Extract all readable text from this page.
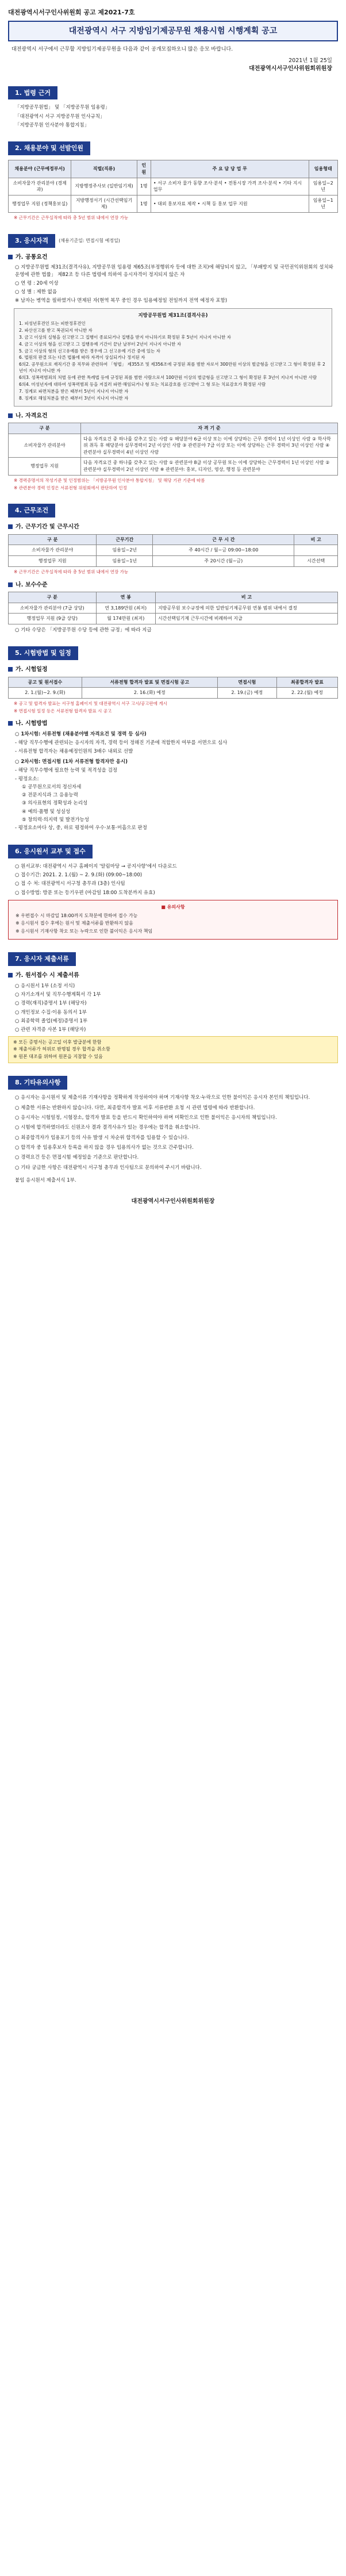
대전광역시서구인사위원회 공고 제2021-7호
대전광역시 서구 지방임기제공무원 채용시험 시행계획 공고
대전광역시 서구에서 근무할 지방임기제공무원을 다음과 같이 공개모집하오니 많은 응모 바랍니다.
2021년 1월 25일
대전광역시서구인사위원회위원장
1. 법령 근거
「지방공무원법」 및 「지방공무원 임용령」
「대전광역시 서구 지방공무원 인사규칙」
「지방공무원 인사분야 통합지침」
2. 채용분야 및 선발인원
채용분야 (근무예정부서)	직렬(직류)	인원	주 요 담 당 업 무	임용형태
소비자물가 관리분야 (경제과)	지방행정주사보 (일반임기제)	1명	• 서구 소비자 물가 동향 조사·분석 • 전통시장 가격 조사·분석 • 기타 지시 업무	임용일~2년
행정업무 지원 (정책홍보실)	지방행정서기 (시간선택임기제)	1명	• 대외 홍보자료 제작 • 시책 등 홍보 업무 지원	임용일~1년
※ 근무기간은 근무실적에 따라 총 5년 범위 내에서 연장 가능
3. 응시자격	(채용기준일: 면접시험 예정일)
가. 공통요건
○ 지방공무원법 제31조(결격사유), 지방공무원 임용령 제65조(부정행위자 등에 대한 조치)에 해당되지 않고, 「부패방지 및 국민권익위원회의 설치와 운영에 관한 법률」 제82조 등 다른 법령에 의하여 응시자격이 정지되지 않은 자
○ 연 령 : 20세 이상
○ 성 별 : 제한 없음
※ 남자는 병역을 필하였거나 면제된 자(현역 복무 중인 경우 임용예정일 전일까지 전역 예정자 포함)
지방공무원법 제31조(결격사유)
1. 피성년후견인 또는 피한정후견인
2. 파산선고를 받고 복권되지 아니한 자
3. 금고 이상의 실형을 선고받고 그 집행이 종료되거나 집행을 받지 아니하기로 확정된 후 5년이 지나지 아니한 자
4. 금고 이상의 형을 선고받고 그 집행유예 기간이 끝난 날부터 2년이 지나지 아니한 자
5. 금고 이상의 형의 선고유예를 받은 경우에 그 선고유예 기간 중에 있는 자
6. 법원의 판결 또는 다른 법률에 따라 자격이 상실되거나 정지된 자
6의2. 공무원으로 재직기간 중 직무와 관련하여 「형법」 제355조 및 제356조에 규정된 죄를 범한 자로서 300만원 이상의 벌금형을 선고받고 그 형이 확정된 후 2년이 지나지 아니한 자
6의3. 성폭력범죄의 처벌 등에 관한 특례법 등에 규정된 죄를 범한 사람으로서 100만원 이상의 벌금형을 선고받고 그 형이 확정된 후 3년이 지나지 아니한 사람
6의4. 미성년자에 대하여 성폭력범죄 등을 저질러 파면·해임되거나 형 또는 치료감호를 선고받아 그 형 또는 치료감호가 확정된 사람
7. 징계로 파면처분을 받은 때부터 5년이 지나지 아니한 자
8. 징계로 해임처분을 받은 때부터 3년이 지나지 아니한 자
나. 자격요건
구 분	자 격 기 준
소비자물가 관리분야	다음 자격요건 중 하나를 갖추고 있는 사람 ① 해당분야 6급 이상 또는 이에 상당하는 근무 경력이 1년 이상인 사람 ② 학사학위 취득 후 해당분야 실무경력이 2년 이상인 사람 ③ 관련분야 7급 이상 또는 이에 상당하는 근무 경력이 3년 이상인 사람 ④ 관련분야 실무경력이 4년 이상인 사람
행정업무 지원	다음 자격요건 중 하나를 갖추고 있는 사람 ① 관련분야 8급 이상 공무원 또는 이에 상당하는 근무경력이 1년 이상인 사람 ② 관련분야 실무경력이 2년 이상인 사람 ※ 관련분야: 홍보, 디자인, 영상, 행정 등 관련분야
※ 경력증명서의 작성기준 및 인정범위는 「지방공무원 인사분야 통합지침」 및 해당 기관 기준에 따름
※ 관련분야 경력 인정은 서류전형 위원회에서 판단하여 인정
4. 근무조건
가. 근무기간 및 근무시간
구 분	근무기간	근 무 시 간	비 고
소비자물가 관리분야	임용일~2년	주 40시간 / 월~금 09:00~18:00	
행정업무 지원	임용일~1년	주 20시간 (월~금)	시간선택
※ 근무기간은 근무실적에 따라 총 5년 범위 내에서 연장 가능
나. 보수수준
구 분	연 봉	비 고
소비자물가 관리분야 (7급 상당)	연 3,189만원 (최저)	지방공무원 보수규정에 의한 일반임기제공무원 연봉 범위 내에서 결정
행정업무 지원 (9급 상당)	월 174만원 (최저)	시간선택임기제 근무시간에 비례하여 지급
○ 기타 수당은 「지방공무원 수당 등에 관한 규정」에 따라 지급
5. 시험방법 및 일정
가. 시험일정
공고 및 원서접수	서류전형 합격자 발표 및 면접시험 공고	면접시험	최종합격자 발표
2. 1.(월)~2. 9.(화)	2. 16.(화) 예정	2. 19.(금) 예정	2. 22.(월) 예정
※ 공고 및 합격자 발표는 서구청 홈페이지 및 대전광역시 서구 고시/공고란에 게시
※ 면접시험 일정 등은 서류전형 합격자 발표 시 공고
나. 시험방법
○ 1차시험: 서류전형 (채용분야별 자격요건 및 경력 등 심사)
- 해당 직무수행에 관련되는 응시자의 자격, 경력 등이 정해진 기준에 적합한지 여부를 서면으로 심사
- 서류전형 합격자는 채용예정인원의 3배수 내외로 선발
○ 2차시험: 면접시험 (1차 서류전형 합격자만 응시)
- 해당 직무수행에 필요한 능력 및 적격성을 검정
- 평정요소:
① 공무원으로서의 정신자세
② 전문지식과 그 응용능력
③ 의사표현의 정확성과 논리성
④ 예의·품행 및 성실성
⑤ 창의력·의지력 및 발전가능성
- 평정요소마다 상, 중, 하로 평정하여 우수·보통·미흡으로 판정
6. 응시원서 교부 및 접수
○ 원서교부: 대전광역시 서구 홈페이지 '알림마당 → 공지사항'에서 다운로드
○ 접수기간: 2021. 2. 1.(월) ~ 2. 9.(화) (09:00~18:00)
○ 접 수 처: 대전광역시 서구청 총무과 (3층) 인사팀
○ 접수방법: 방문 또는 등기우편 (마감일 18:00 도착분까지 유효)
■ 유의사항
※ 우편접수 시 마감일 18:00까지 도착분에 한하여 접수 가능
※ 응시원서 접수 후에는 원서 및 제출서류를 반환하지 않음
※ 응시원서 기재사항 착오 또는 누락으로 인한 불이익은 응시자 책임
7. 응시자 제출서류
가. 원서접수 시 제출서류
○ 응시원서 1부 (소정 서식)
○ 자기소개서 및 직무수행계획서 각 1부
○ 경력(재직)증명서 1부 (해당자)
○ 개인정보 수집·이용 동의서 1부
○ 최종학력 졸업(예정)증명서 1부
○ 관련 자격증 사본 1부 (해당자)
※ 모든 증명서는 공고일 이후 발급분에 한함
※ 제출서류가 허위로 판명될 경우 합격을 취소함
※ 원본 대조를 위하여 원본을 지참할 수 있음
8. 기타유의사항
○ 응시자는 응시원서 및 제출서류 기재사항을 정확하게 작성하여야 하며 기재사항 착오·누락으로 인한 불이익은 응시자 본인의 책임입니다.
○ 제출한 서류는 반환하지 않습니다. 다만, 최종합격자 발표 이후 서류반환 요청 시 관련 법령에 따라 반환합니다.
○ 응시자는 시험일정, 시험장소, 합격자 발표 등을 반드시 확인하여야 하며 미확인으로 인한 불이익은 응시자의 책임입니다.
○ 시험에 합격하였더라도 신원조사 결과 결격사유가 있는 경우에는 합격을 취소합니다.
○ 최종합격자가 임용포기 등의 사유 발생 시 차순위 합격자를 임용할 수 있습니다.
○ 합격자 중 임용후보자 등록을 하지 않을 경우 임용의사가 없는 것으로 간주합니다.
○ 경력요건 등은 면접시험 예정일을 기준으로 판단합니다.
○ 기타 궁금한 사항은 대전광역시 서구청 총무과 인사팀으로 문의하여 주시기 바랍니다.
붙임 응시원서 제출서식 1부.
대전광역시서구인사위원회위원장
